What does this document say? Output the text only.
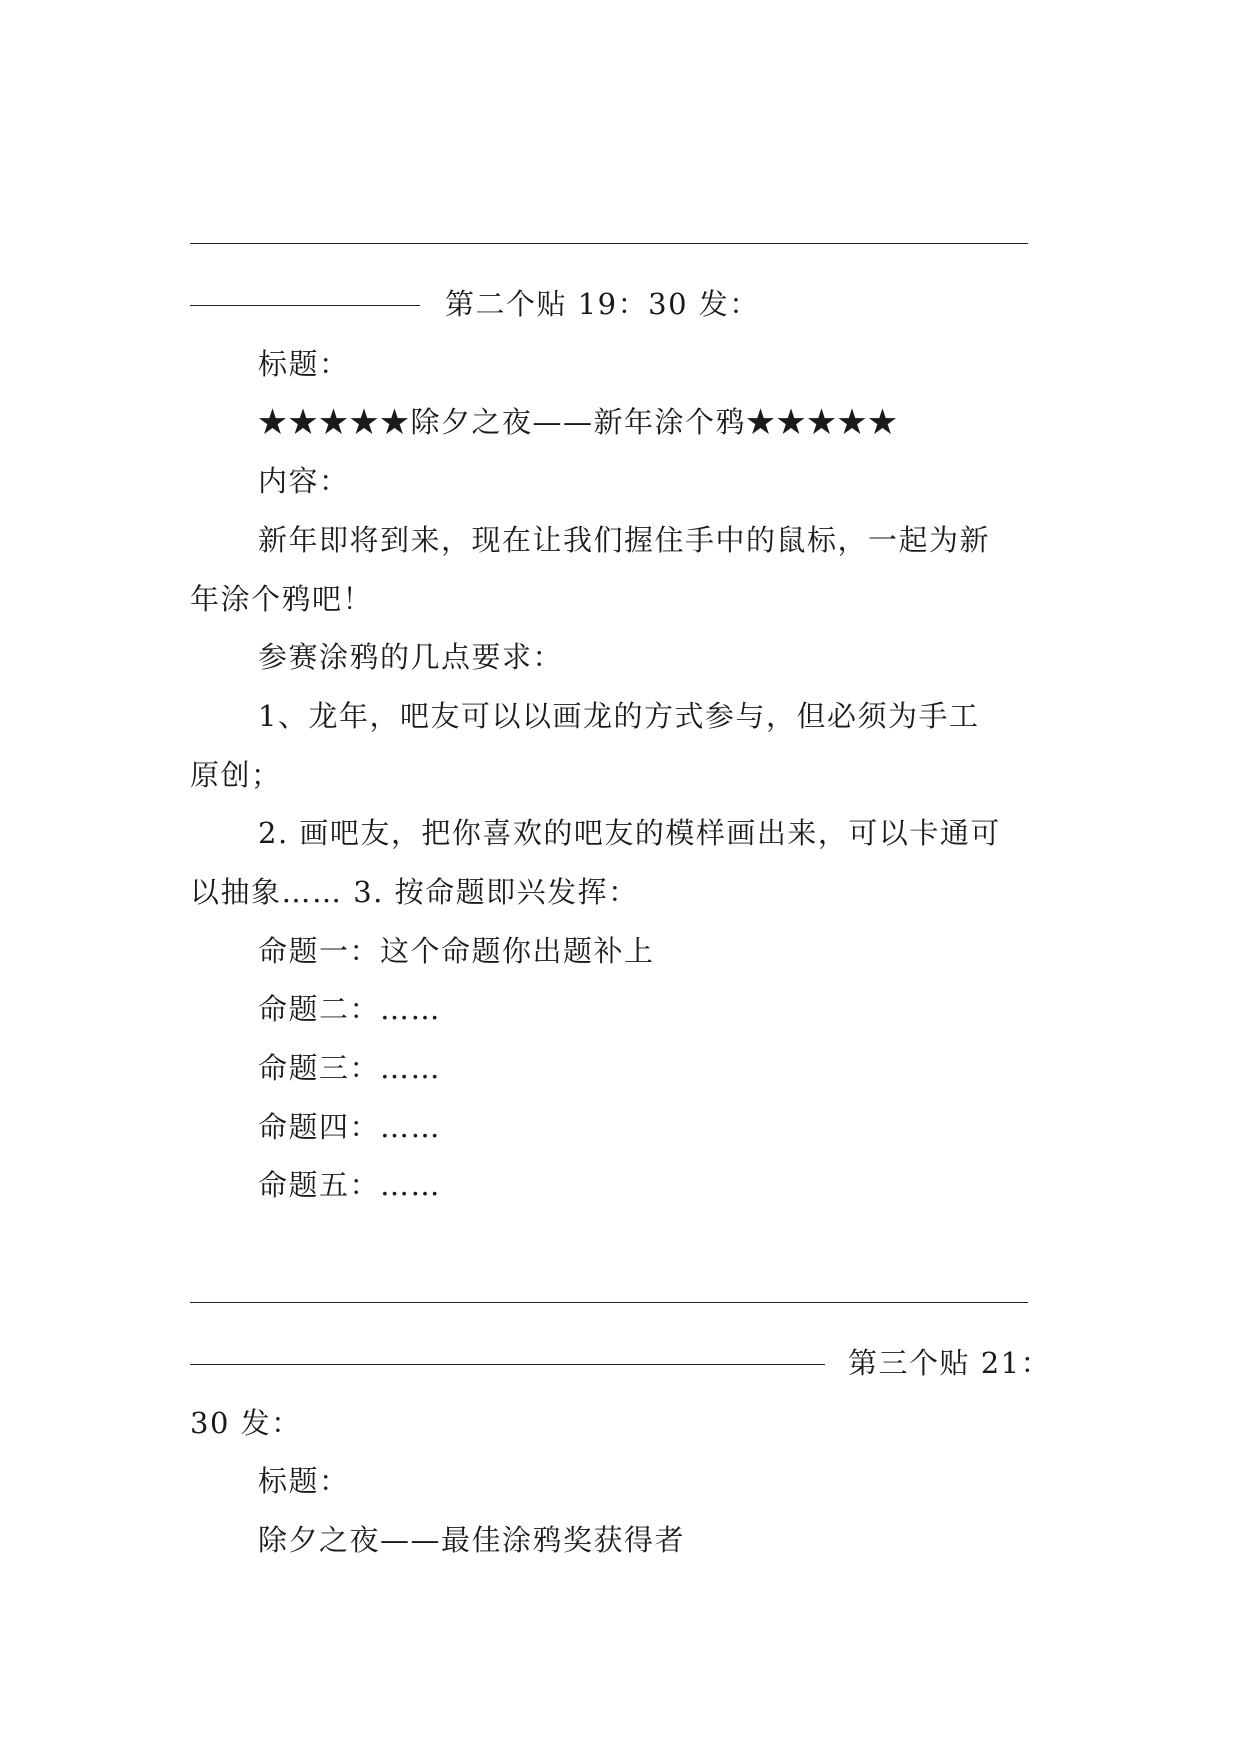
第二个贴 19：30 发：
标题：
★★★★★除夕之夜——新年涂个鸦★★★★★
内容：
新年即将到来，现在让我们握住手中的鼠标，一起为新
年涂个鸦吧！
参赛涂鸦的几点要求：
1、龙年，吧友可以以画龙的方式参与，但必须为手工
原创；
2. 画吧友，把你喜欢的吧友的模样画出来，可以卡通可
以抽象…… 3. 按命题即兴发挥：
命题一：这个命题你出题补上
命题二：……
命题三：……
命题四：……
命题五：……
第三个贴 21：
30 发：
标题：
除夕之夜——最佳涂鸦奖获得者
